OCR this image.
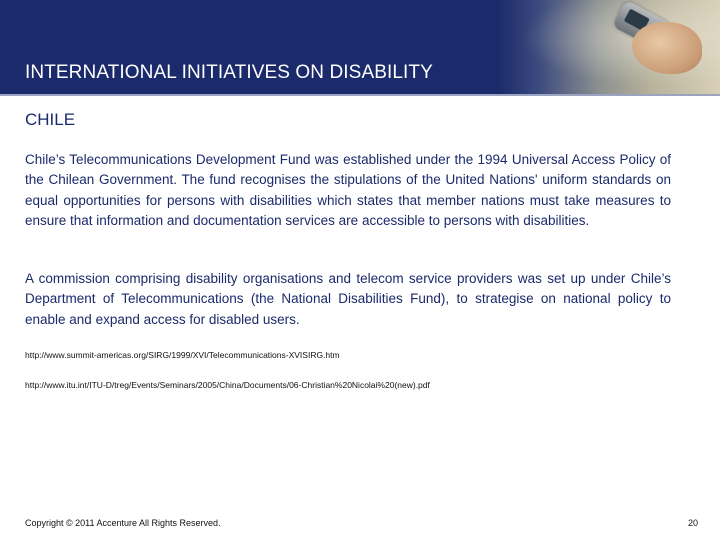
INTERNATIONAL INITIATIVES ON DISABILITY
CHILE

Chile’s Telecommunications Development Fund was established under the 1994 Universal Access Policy of the Chilean Government. The fund recognises the stipulations of the United Nations' uniform standards on equal opportunities for persons with disabilities which states that member nations must take measures to ensure that information and documentation services are accessible to persons with disabilities.

A commission comprising disability organisations and telecom service providers was set up under Chile’s Department of Telecommunications (the National Disabilities Fund), to strategise on national policy to enable and expand access for disabled users.

http://www.summit-americas.org/SIRG/1999/XVI/Telecommunications-XVISIRG.htm

http://www.itu.int/ITU-D/treg/Events/Seminars/2005/China/Documents/06-Christian%20Nicolai%20(new).pdf

Copyright © 2011 Accenture All Rights Reserved.	20
